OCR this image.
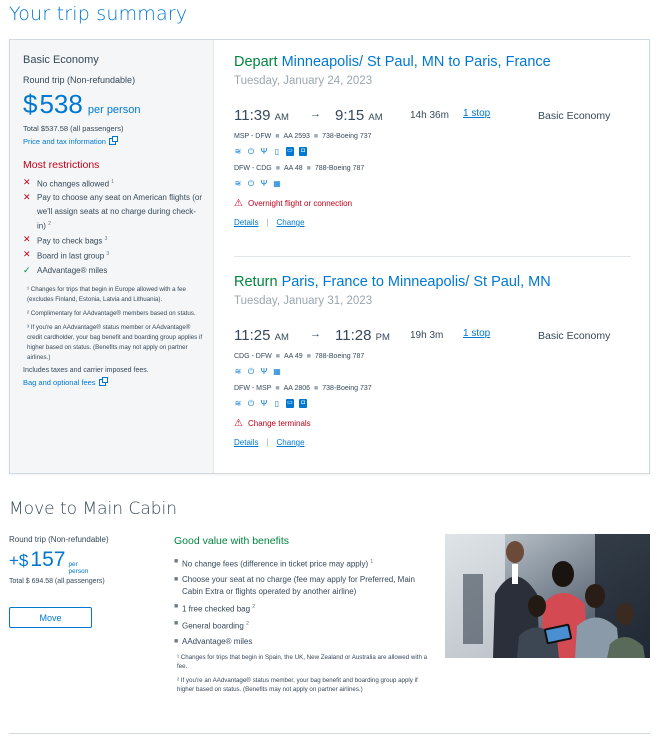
Your trip summary
Basic Economy
Round trip (Non-refundable)
$ 538 per person
Total $537.58 (all passengers)
Price and tax information
Most restrictions
✕ No changes allowed $^1$
✕ Pay to choose any seat on American flights (or we'll assign seats at no charge during check-in) $^2$
✕ Pay to check bags $^3$
✕ Board in last group $^3$
✓ AAdvantage® miles

¹ Changes for trips that begin in Europe allowed with a fee (excludes Finland, Estonia, Latvia and Lithuania).

² Complimentary for AAdvantage® members based on status.

³ If you're an AAdvantage® status member or AAdvantage® credit cardholder, your bag benefit and boarding group applies if higher based on status. (Benefits may not apply on partner airlines.)

Includes taxes and carrier imposed fees.
Bag and optional fees
Depart Minneapolis/ St Paul, MN to Paris, France
Tuesday, January 24, 2023
11:39 AM → 9:15 AM	14h 36m 1 stop	Basic Economy
MSP - DFW ■ AA 2593 ■ 738-Boeing 737
≋ ⏻ Ψ ▯ ▭	◘
DFW - CDG ■ AA 48 ■ 788-Boeing 787
≋ ⏻ Ψ ▦
⚠ Overnight flight or connection
Details | Change
Return Paris, France to Minneapolis/ St Paul, MN
Tuesday, January 31, 2023
11:25 AM → 11:28 PM 19h 3m 1 stop	Basic Economy
CDG - DFW ■ AA 49 ■ 788-Boeing 787
≋ ⏻ Ψ ▦
DFW - MSP ■ AA 2806 ■ 738-Boeing 737
≋ ⏻ Ψ ▯ ▭	◘
⚠ Change terminals
Details | Change
Move to Main Cabin
Round trip (Non-refundable)
+$ 157 per person
Total $ 694.58 (all passengers)
Move
Good value with benefits
■ No change fees (difference in ticket price may apply) $^1$
■ Choose your seat at no charge (fee may apply for Preferred, Main Cabin Extra or flights operated by another airline)
■ 1 free checked bag $^2$
■ General boarding $^2$
■ AAdvantage® miles

¹ Changes for trips that begin in Spain, the UK, New Zealand or Australia are allowed with a fee.

² If you're an AAdvantage® status member, your bag benefit and boarding group apply if higher based on status. (Benefits may not apply on partner airlines.)
